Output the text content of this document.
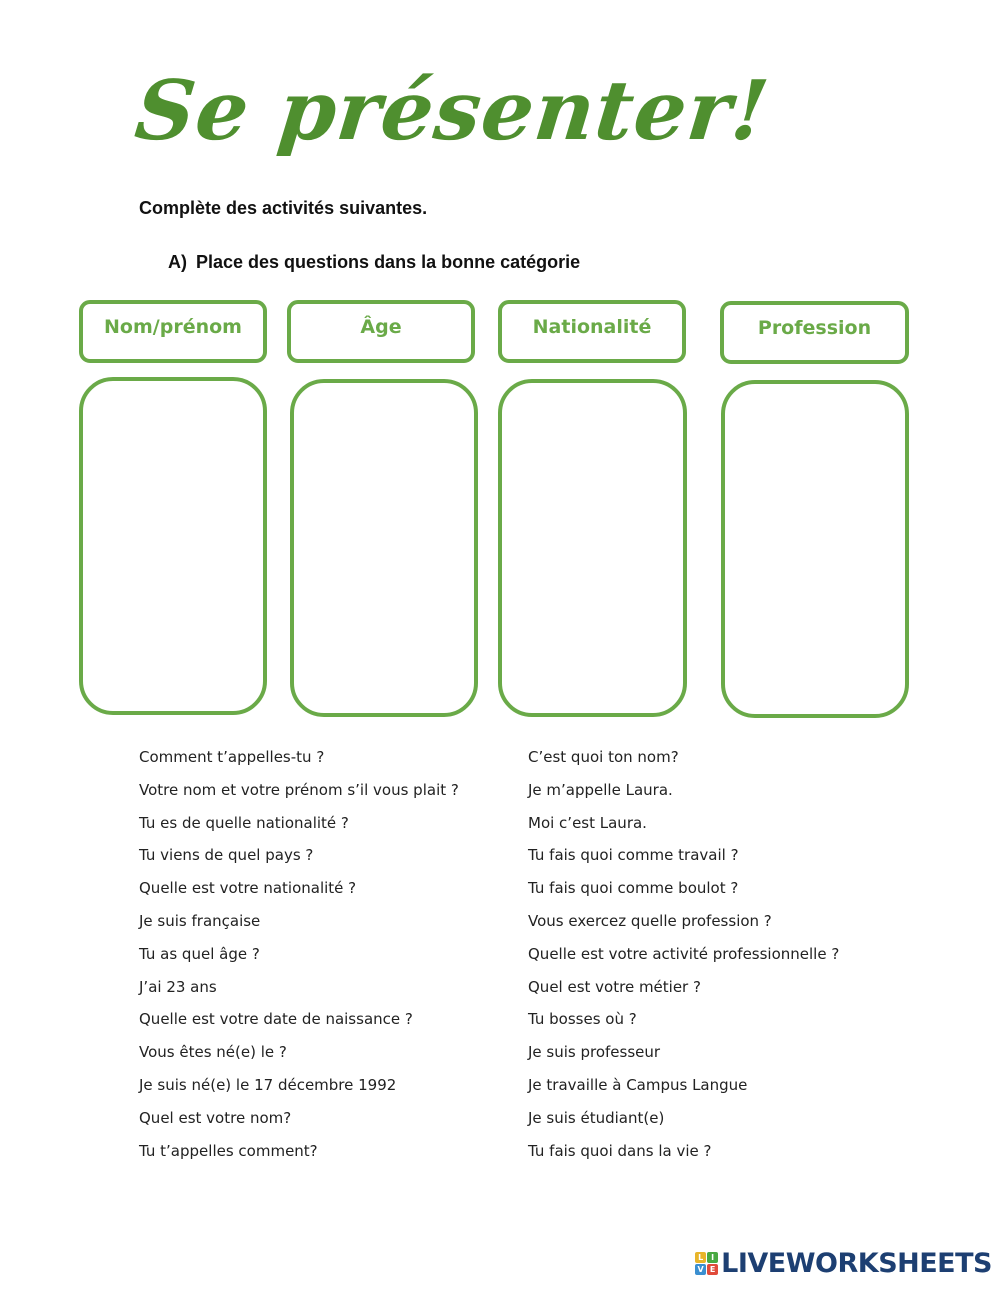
Se présenter!
Complète des activités suivantes.
A) Place des questions dans la bonne catégorie
Nom/prénom	Âge	Nationalité	Profession
Comment t’appelles-tu ?
Votre nom et votre prénom s’il vous plait ?
Tu es de quelle nationalité ?
Tu viens de quel pays ?
Quelle est votre nationalité ?
Je suis française
Tu as quel âge ?
J’ai 23 ans
Quelle est votre date de naissance ?
Vous êtes né(e) le ?
Je suis né(e) le 17 décembre 1992
Quel est votre nom?
Tu t’appelles comment?
C’est quoi ton nom?
Je m’appelle Laura.
Moi c’est Laura.
Tu fais quoi comme travail ?
Tu fais quoi comme boulot ?
Vous exercez quelle profession ?
Quelle est votre activité professionnelle ?
Quel est votre métier ?
Tu bosses où ?
Je suis professeur
Je travaille à Campus Langue
Je suis étudiant(e)
Tu fais quoi dans la vie ?
L I
V E LIVEWORKSHEETS
